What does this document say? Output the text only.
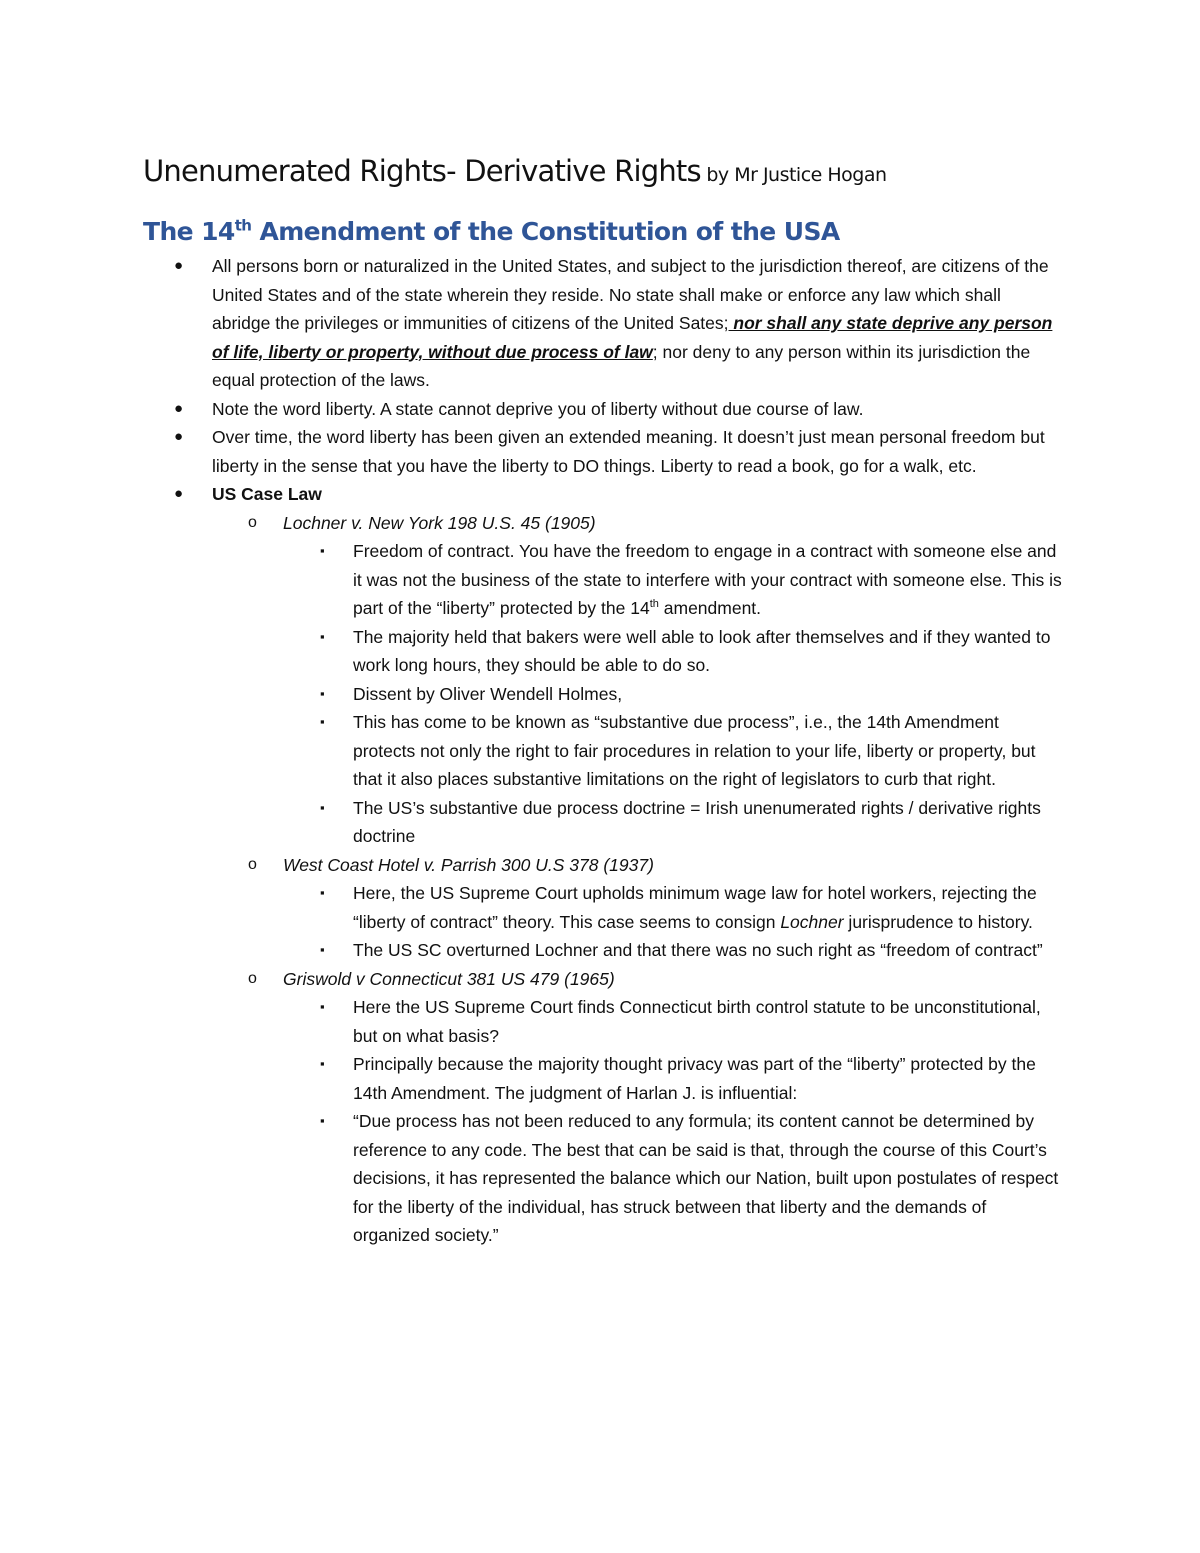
Unenumerated Rights- Derivative Rights by Mr Justice Hogan
The 14th Amendment of the Constitution of the USA
● All persons born or naturalized in the United States, and subject to the jurisdiction thereof, are citizens of the United States and of the state wherein they reside. No state shall make or enforce any law which shall abridge the privileges or immunities of citizens of the United Sates; nor shall any state deprive any person of life, liberty or property, without due process of law; nor deny to any person within its jurisdiction the equal protection of the laws.
● Note the word liberty. A state cannot deprive you of liberty without due course of law.
● Over time, the word liberty has been given an extended meaning. It doesn’t just mean personal freedom but liberty in the sense that you have the liberty to DO things. Liberty to read a book, go for a walk, etc.
● US Case Law
o Lochner v. New York 198 U.S. 45 (1905)
▪ Freedom of contract. You have the freedom to engage in a contract with someone else and it was not the business of the state to interfere with your contract with someone else. This is part of the “liberty” protected by the 14th amendment.
▪ The majority held that bakers were well able to look after themselves and if they wanted to work long hours, they should be able to do so.
▪ Dissent by Oliver Wendell Holmes,
▪ This has come to be known as “substantive due process”, i.e., the 14th Amendment protects not only the right to fair procedures in relation to your life, liberty or property, but that it also places substantive limitations on the right of legislators to curb that right.
▪ The US’s substantive due process doctrine = Irish unenumerated rights / derivative rights doctrine
o West Coast Hotel v. Parrish 300 U.S 378 (1937)
▪ Here, the US Supreme Court upholds minimum wage law for hotel workers, rejecting the “liberty of contract” theory. This case seems to consign Lochner jurisprudence to history.
▪ The US SC overturned Lochner and that there was no such right as “freedom of contract”
o Griswold v Connecticut 381 US 479 (1965)
▪ Here the US Supreme Court finds Connecticut birth control statute to be unconstitutional, but on what basis?
▪ Principally because the majority thought privacy was part of the “liberty” protected by the 14th Amendment. The judgment of Harlan J. is influential:
▪ “Due process has not been reduced to any formula; its content cannot be determined by reference to any code. The best that can be said is that, through the course of this Court’s decisions, it has represented the balance which our Nation, built upon postulates of respect for the liberty of the individual, has struck between that liberty and the demands of organized society.”
